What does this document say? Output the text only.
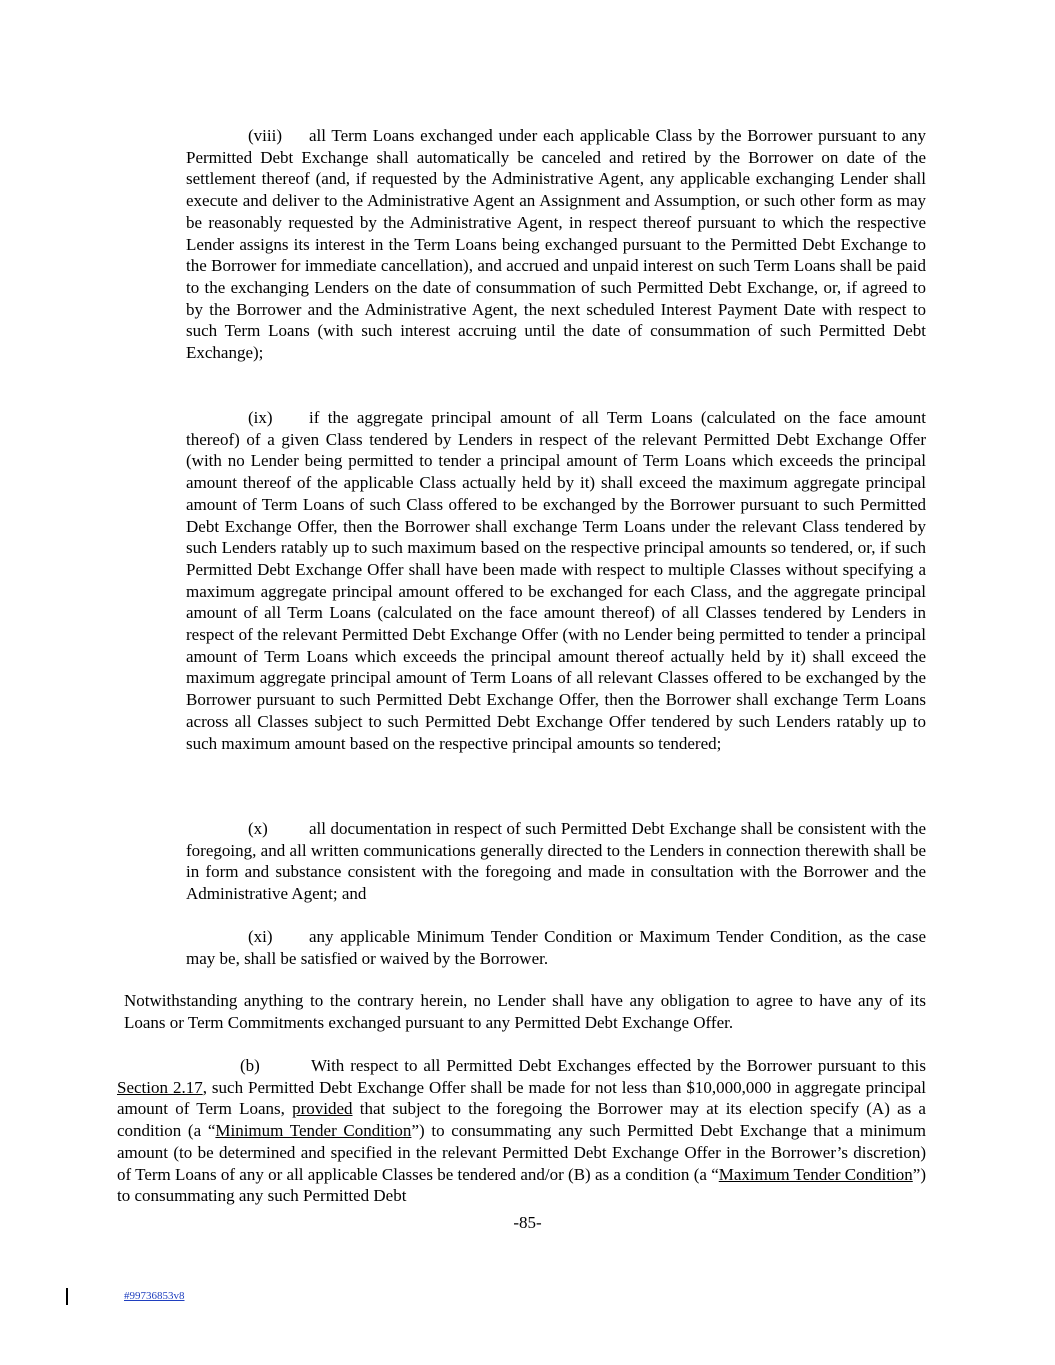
(viii) all Term Loans exchanged under each applicable Class by the Borrower pursuant to any Permitted Debt Exchange shall automatically be canceled and retired by the Borrower on date of the settlement thereof (and, if requested by the Administrative Agent, any applicable exchanging Lender shall execute and deliver to the Administrative Agent an Assignment and Assumption, or such other form as may be reasonably requested by the Administrative Agent, in respect thereof pursuant to which the respective Lender assigns its interest in the Term Loans being exchanged pursuant to the Permitted Debt Exchange to the Borrower for immediate cancellation), and accrued and unpaid interest on such Term Loans shall be paid to the exchanging Lenders on the date of consummation of such Permitted Debt Exchange, or, if agreed to by the Borrower and the Administrative Agent, the next scheduled Interest Payment Date with respect to such Term Loans (with such interest accruing until the date of consummation of such Permitted Debt Exchange);

(ix) if the aggregate principal amount of all Term Loans (calculated on the face amount thereof) of a given Class tendered by Lenders in respect of the relevant Permitted Debt Exchange Offer (with no Lender being permitted to tender a principal amount of Term Loans which exceeds the principal amount thereof of the applicable Class actually held by it) shall exceed the maximum aggregate principal amount of Term Loans of such Class offered to be exchanged by the Borrower pursuant to such Permitted Debt Exchange Offer, then the Borrower shall exchange Term Loans under the relevant Class tendered by such Lenders ratably up to such maximum based on the respective principal amounts so tendered, or, if such Permitted Debt Exchange Offer shall have been made with respect to multiple Classes without specifying a maximum aggregate principal amount offered to be exchanged for each Class, and the aggregate principal amount of all Term Loans (calculated on the face amount thereof) of all Classes tendered by Lenders in respect of the relevant Permitted Debt Exchange Offer (with no Lender being permitted to tender a principal amount of Term Loans which exceeds the principal amount thereof actually held by it) shall exceed the maximum aggregate principal amount of Term Loans of all relevant Classes offered to be exchanged by the Borrower pursuant to such Permitted Debt Exchange Offer, then the Borrower shall exchange Term Loans across all Classes subject to such Permitted Debt Exchange Offer tendered by such Lenders ratably up to such maximum amount based on the respective principal amounts so tendered;

(x) all documentation in respect of such Permitted Debt Exchange shall be consistent with the foregoing, and all written communications generally directed to the Lenders in connection therewith shall be in form and substance consistent with the foregoing and made in consultation with the Borrower and the Administrative Agent; and

(xi) any applicable Minimum Tender Condition or Maximum Tender Condition, as the case may be, shall be satisfied or waived by the Borrower.

Notwithstanding anything to the contrary herein, no Lender shall have any obligation to agree to have any of its Loans or Term Commitments exchanged pursuant to any Permitted Debt Exchange Offer.

(b)	With respect to all Permitted Debt Exchanges effected by the Borrower pursuant to this Section 2.17, such Permitted Debt Exchange Offer shall be made for not less than $10,000,000 in aggregate principal amount of Term Loans, provided that subject to the foregoing the Borrower may at its election specify (A) as a condition (a “Minimum Tender Condition”) to consummating any such Permitted Debt Exchange that a minimum amount (to be determined and specified in the relevant Permitted Debt Exchange Offer in the Borrower’s discretion) of Term Loans of any or all applicable Classes be tendered and/or (B) as a condition (a “Maximum Tender Condition”) to consummating any such Permitted Debt

-85-
#99736853v8
